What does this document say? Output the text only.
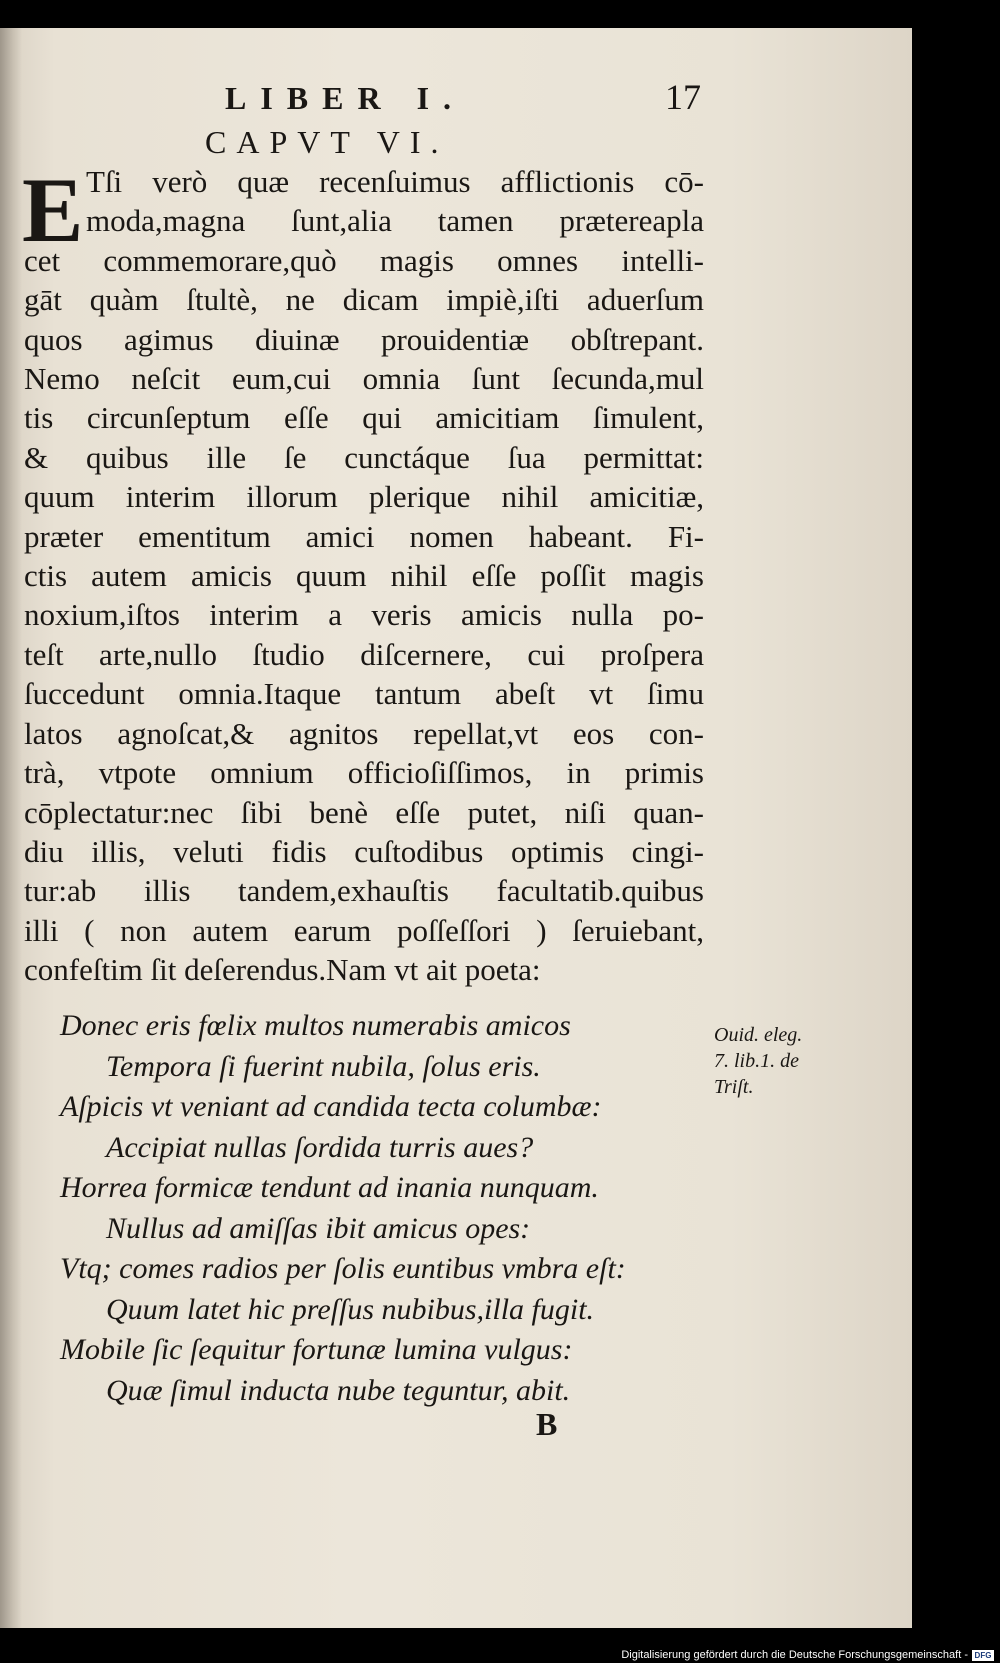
LIBER I.	17
CAPVT VI.
E Tſi verò quæ recenſuimus afflictionis cō-
moda,magna ſunt,alia tamen prætereapla
cet commemorare,quò magis omnes intelli-
gāt quàm ſtultè, ne dicam impiè,iſti aduerſum
quos agimus diuinæ prouidentiæ obſtrepant.
Nemo neſcit eum,cui omnia ſunt ſecunda,mul
tis circunſeptum eſſe qui amicitiam ſimulent,
& quibus ille ſe cunctáque ſua permittat:
quum interim illorum plerique nihil amicitiæ,
præter ementitum amici nomen habeant. Fi-
ctis autem amicis quum nihil eſſe poſſit magis
noxium,iſtos interim a veris amicis nulla po-
teſt arte,nullo ſtudio diſcernere, cui proſpera
ſuccedunt omnia.Itaque tantum abeſt vt ſimu
latos agnoſcat,& agnitos repellat,vt eos con-
trà, vtpote omnium officioſiſſimos, in primis
cōplectatur:nec ſibi benè eſſe putet, niſi quan-
diu illis, veluti fidis cuſtodibus optimis cingi-
tur:ab illis tandem,exhauſtis facultatib.quibus
illi ( non autem earum poſſeſſori ) ſeruiebant,
confeſtim ſit deſerendus.Nam vt ait poeta:
Donec eris fœlix multos numerabis amicos
Tempora ſi fuerint nubila, ſolus eris.
Aſpicis vt veniant ad candida tecta columbæ:
Accipiat nullas ſordida turris aues?
Horrea formicæ tendunt ad inania nunquam.
Nullus ad amiſſas ibit amicus opes:
Vtq; comes radios per ſolis euntibus vmbra eſt:
Quum latet hic preſſus nubibus,illa fugit.
Mobile ſic ſequitur fortunæ lumina vulgus:
Quæ ſimul inducta nube teguntur, abit.
Ouid. eleg.
7. lib.1. de
Triſt.
B
Digitalisierung gefördert durch die Deutsche Forschungsgemeinschaft - DFG
